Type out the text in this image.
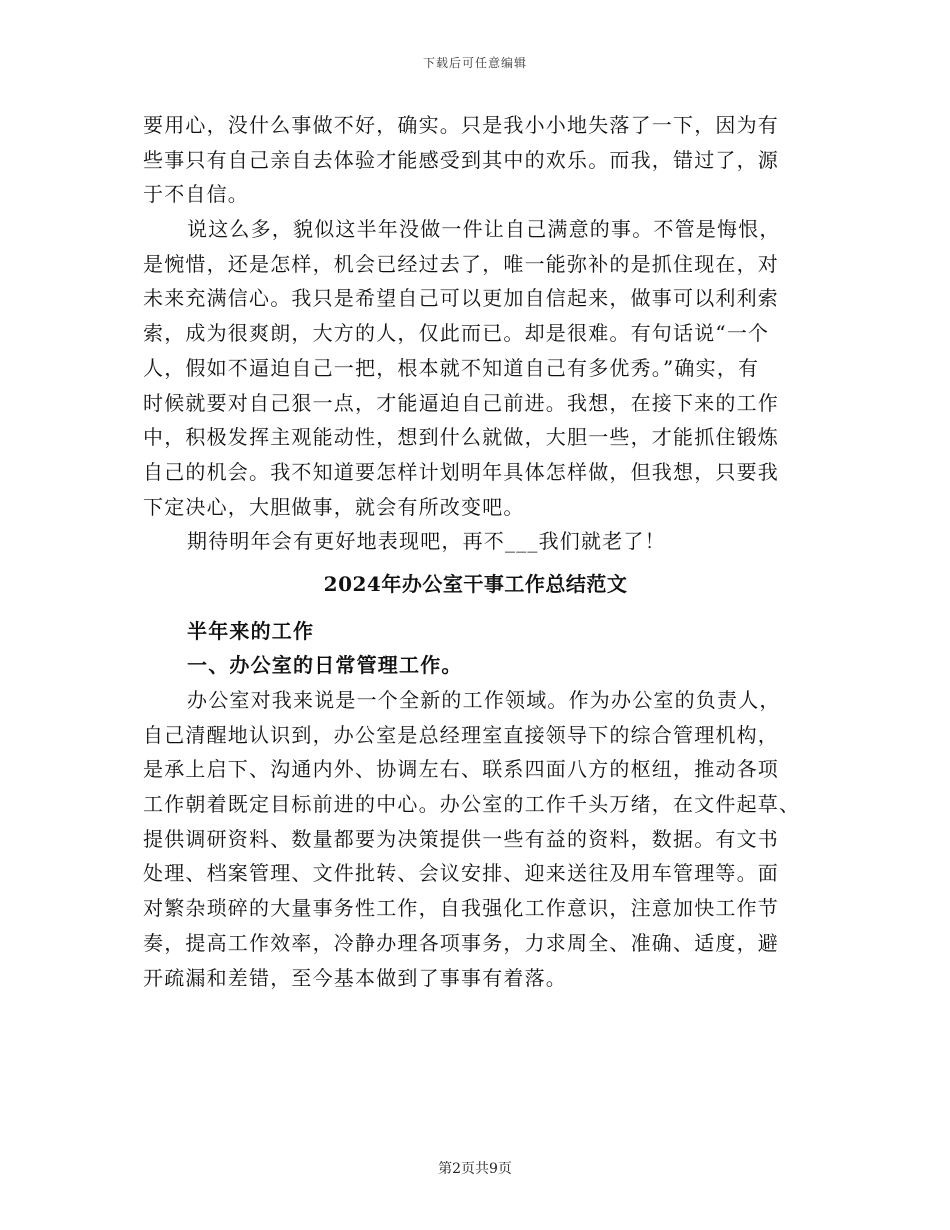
下载后可任意编辑
要用心，没什么事做不好，确实。只是我小小地失落了一下，因为有
些事只有自己亲自去体验才能感受到其中的欢乐。而我，错过了，源
于不自信。
说这么多，貌似这半年没做一件让自己满意的事。不管是悔恨，
是惋惜，还是怎样，机会已经过去了，唯一能弥补的是抓住现在，对
未来充满信心。我只是希望自己可以更加自信起来，做事可以利利索
索，成为很爽朗，大方的人，仅此而已。却是很难。有句话说“一个
人，假如不逼迫自己一把，根本就不知道自己有多优秀。”确实，有
时候就要对自己狠一点，才能逼迫自己前进。我想，在接下来的工作
中，积极发挥主观能动性，想到什么就做，大胆一些，才能抓住锻炼
自己的机会。我不知道要怎样计划明年具体怎样做，但我想，只要我
下定决心，大胆做事，就会有所改变吧。
期待明年会有更好地表现吧，再不___我们就老了！
2024年办公室干事工作总结范文
半年来的工作
一、办公室的日常管理工作。
办公室对我来说是一个全新的工作领域。作为办公室的负责人，
自己清醒地认识到，办公室是总经理室直接领导下的综合管理机构，
是承上启下、沟通内外、协调左右、联系四面八方的枢纽，推动各项
工作朝着既定目标前进的中心。办公室的工作千头万绪，在文件起草、
提供调研资料、数量都要为决策提供一些有益的资料，数据。有文书
处理、档案管理、文件批转、会议安排、迎来送往及用车管理等。面
对繁杂琐碎的大量事务性工作，自我强化工作意识，注意加快工作节
奏，提高工作效率，冷静办理各项事务，力求周全、准确、适度，避
开疏漏和差错，至今基本做到了事事有着落。
第2页共9页
